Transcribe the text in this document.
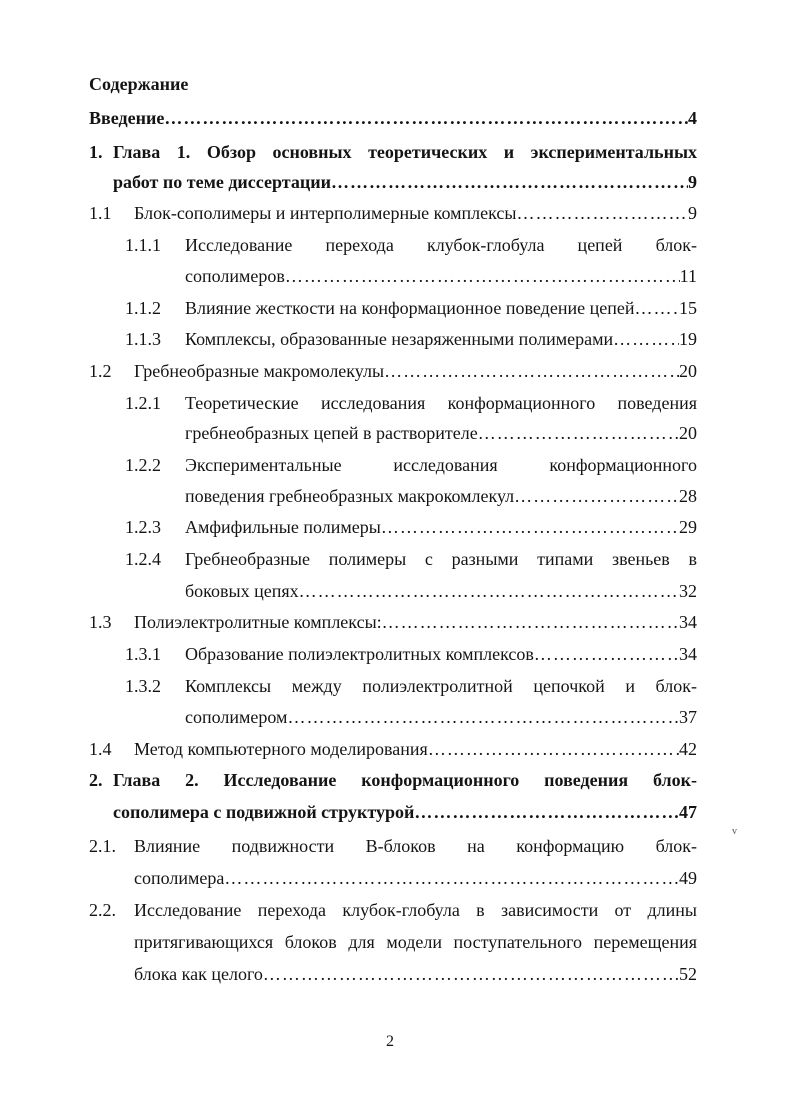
Содержание
Введение …………………………………………………………………………………………………………………………………………………………………………	4
1. Глава 1. Обзор основных теоретических и экспериментальных
работ по теме диссертации …………………………………………………………………………………………………………………………………………………………………………	9
1.1 Блок-сополимеры и интерполимерные комплексы …………………………………………………………………………………………………………………………………………………………………………	9
1.1.1 Исследование перехода клубок-глобула цепей блок-
сополимеров …………………………………………………………………………………………………………………………………………………………………………	11
1.1.2 Влияние жесткости на конформационное поведение цепей ………………………………………………………………………………………………………………………………………………………………………… 15
1.1.3 Комплексы, образованные незаряженными полимерами …………………………………………………………………………………………………………………………………………………………………………	19
1.2 Гребнеобразные макромолекулы …………………………………………………………………………………………………………………………………………………………………………	20
1.2.1 Теоретические исследования конформационного поведения
гребнеобразных цепей в растворителе …………………………………………………………………………………………………………………………………………………………………………	20
1.2.2 Экспериментальные исследования конформационного
поведения гребнеобразных макрокомлекул …………………………………………………………………………………………………………………………………………………………………………	28
1.2.3 Амфифильные полимеры …………………………………………………………………………………………………………………………………………………………………………	29
1.2.4 Гребнеобразные полимеры с разными типами звеньев в
боковых цепях …………………………………………………………………………………………………………………………………………………………………………	32
1.3 Полиэлектролитные комплексы: …………………………………………………………………………………………………………………………………………………………………………	34
1.3.1 Образование полиэлектролитных комплексов …………………………………………………………………………………………………………………………………………………………………………	34
1.3.2 Комплексы между полиэлектролитной цепочкой и блок-
сополимером …………………………………………………………………………………………………………………………………………………………………………	37
1.4 Метод компьютерного моделирования …………………………………………………………………………………………………………………………………………………………………………	42
2. Глава 2. Исследование конформационного поведения блок-
сополимера с подвижной структурой …………………………………………………………………………………………………………………………………………………………………………	47
2.1. Влияние подвижности B-блоков на конформацию блок-
сополимера …………………………………………………………………………………………………………………………………………………………………………	49
2.2. Исследование перехода клубок-глобула в зависимости от длины
притягивающихся блоков для модели поступательного перемещения
блока как целого …………………………………………………………………………………………………………………………………………………………………………	52
v
2
